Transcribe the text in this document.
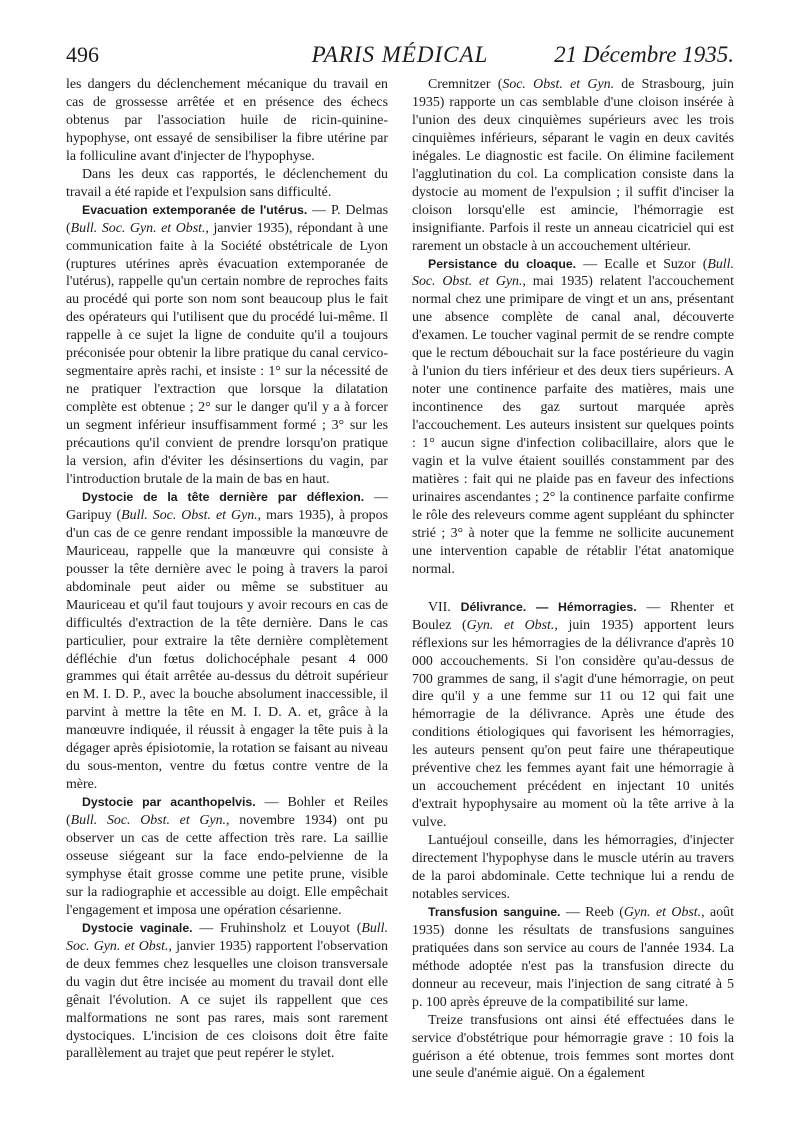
496	PARIS MÉDICAL	21 Décembre 1935.

les dangers du déclenchement mécanique du travail en cas de grossesse arrêtée et en présence des échecs obtenus par l'association huile de ricin-quinine-hypophyse, ont essayé de sensibiliser la fibre utérine par la folliculine avant d'injecter de l'hypophyse.

Dans les deux cas rapportés, le déclenchement du travail a été rapide et l'expulsion sans difficulté.

Evacuation extemporanée de l'utérus. — P. Delmas (Bull. Soc. Gyn. et Obst., janvier 1935), répondant à une communication faite à la Société obstétricale de Lyon (ruptures utérines après évacuation extemporanée de l'utérus), rappelle qu'un certain nombre de reproches faits au procédé qui porte son nom sont beaucoup plus le fait des opérateurs qui l'utilisent que du procédé lui-même. Il rappelle à ce sujet la ligne de conduite qu'il a toujours préconisée pour obtenir la libre pratique du canal cervico-segmentaire après rachi, et insiste : 1° sur la nécessité de ne pratiquer l'extraction que lorsque la dilatation complète est obtenue ; 2° sur le danger qu'il y a à forcer un segment inférieur insuffisamment formé ; 3° sur les précautions qu'il convient de prendre lorsqu'on pratique la version, afin d'éviter les désinsertions du vagin, par l'introduction brutale de la main de bas en haut.

Dystocie de la tête dernière par déflexion. — Garipuy (Bull. Soc. Obst. et Gyn., mars 1935), à propos d'un cas de ce genre rendant impossible la manœuvre de Mauriceau, rappelle que la manœuvre qui consiste à pousser la tête dernière avec le poing à travers la paroi abdominale peut aider ou même se substituer au Mauriceau et qu'il faut toujours y avoir recours en cas de difficultés d'extraction de la tête dernière. Dans le cas particulier, pour extraire la tête dernière complètement défléchie d'un fœtus dolichocéphale pesant 4 000 grammes qui était arrêtée au-dessus du détroit supérieur en M. I. D. P., avec la bouche absolument inaccessible, il parvint à mettre la tête en M. I. D. A. et, grâce à la manœuvre indiquée, il réussit à engager la tête puis à la dégager après épisiotomie, la rotation se faisant au niveau du sous-menton, ventre du fœtus contre ventre de la mère.

Dystocie par acanthopelvis. — Bohler et Reiles (Bull. Soc. Obst. et Gyn., novembre 1934) ont pu observer un cas de cette affection très rare. La saillie osseuse siégeant sur la face endo-pelvienne de la symphyse était grosse comme une petite prune, visible sur la radiographie et accessible au doigt. Elle empêchait l'engagement et imposa une opération césarienne.

Dystocie vaginale. — Fruhinsholz et Louyot (Bull. Soc. Gyn. et Obst., janvier 1935) rapportent l'observation de deux femmes chez lesquelles une cloison transversale du vagin dut être incisée au moment du travail dont elle gênait l'évolution. A ce sujet ils rappellent que ces malformations ne sont pas rares, mais sont rarement dystociques. L'incision de ces cloisons doit être faite parallèlement au trajet que peut repérer le stylet.

Cremnitzer (Soc. Obst. et Gyn. de Strasbourg, juin 1935) rapporte un cas semblable d'une cloison insérée à l'union des deux cinquièmes supérieurs avec les trois cinquièmes inférieurs, séparant le vagin en deux cavités inégales. Le diagnostic est facile. On élimine facilement l'agglutination du col. La complication consiste dans la dystocie au moment de l'expulsion ; il suffit d'inciser la cloison lorsqu'elle est amincie, l'hémorragie est insignifiante. Parfois il reste un anneau cicatriciel qui est rarement un obstacle à un accouchement ultérieur.

Persistance du cloaque. — Ecalle et Suzor (Bull. Soc. Obst. et Gyn., mai 1935) relatent l'accouchement normal chez une primipare de vingt et un ans, présentant une absence complète de canal anal, découverte d'examen. Le toucher vaginal permit de se rendre compte que le rectum débouchait sur la face postérieure du vagin à l'union du tiers inférieur et des deux tiers supérieurs. A noter une continence parfaite des matières, mais une incontinence des gaz surtout marquée après l'accouchement. Les auteurs insistent sur quelques points : 1° aucun signe d'infection colibacillaire, alors que le vagin et la vulve étaient souillés constamment par des matières : fait qui ne plaide pas en faveur des infections urinaires ascendantes ; 2° la continence parfaite confirme le rôle des releveurs comme agent suppléant du sphincter strié ; 3° à noter que la femme ne sollicite aucunement une intervention capable de rétablir l'état anatomique normal.

VII. Délivrance. — Hémorragies. — Rhenter et Boulez (Gyn. et Obst., juin 1935) apportent leurs réflexions sur les hémorragies de la délivrance d'après 10 000 accouchements. Si l'on considère qu'au-dessus de 700 grammes de sang, il s'agit d'une hémorragie, on peut dire qu'il y a une femme sur 11 ou 12 qui fait une hémorragie de la délivrance. Après une étude des conditions étiologiques qui favorisent les hémorragies, les auteurs pensent qu'on peut faire une thérapeutique préventive chez les femmes ayant fait une hémorragie à un accouchement précédent en injectant 10 unités d'extrait hypophysaire au moment où la tête arrive à la vulve.

Lantuéjoul conseille, dans les hémorragies, d'injecter directement l'hypophyse dans le muscle utérin au travers de la paroi abdominale. Cette technique lui a rendu de notables services.

Transfusion sanguine. — Reeb (Gyn. et Obst., août 1935) donne les résultats de transfusions sanguines pratiquées dans son service au cours de l'année 1934. La méthode adoptée n'est pas la transfusion directe du donneur au receveur, mais l'injection de sang citraté à 5 p. 100 après épreuve de la compatibilité sur lame.

Treize transfusions ont ainsi été effectuées dans le service d'obstétrique pour hémorragie grave : 10 fois la guérison a été obtenue, trois femmes sont mortes dont une seule d'anémie aiguë. On a également
